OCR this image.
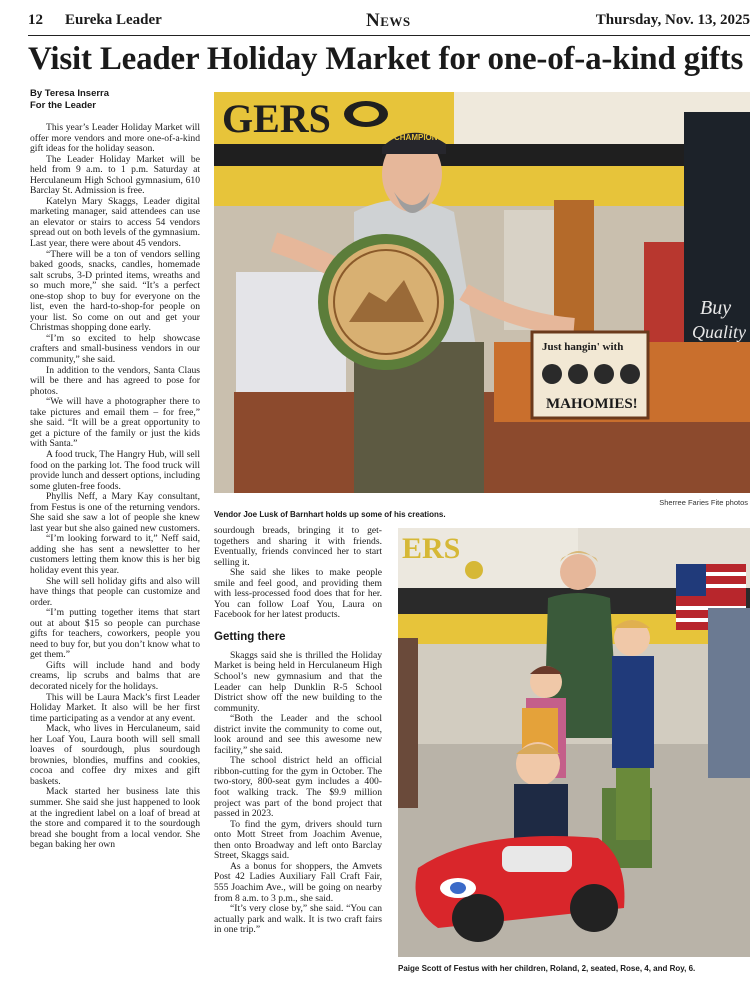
12 Eureka Leader	News	Thursday, Nov. 13, 2025
Visit Leader Holiday Market for one-of-a-kind gifts
By Teresa Inserra
For the Leader

This year’s Leader Holiday Market will offer more vendors and more one-of-a-kind gift ideas for the holiday season.

The Leader Holiday Market will be held from 9 a.m. to 1 p.m. Saturday at Herculaneum High School gymnasium, 610 Barclay St. Admission is free.

Katelyn Mary Skaggs, Leader digital marketing manager, said attendees can use an elevator or stairs to access 54 vendors spread out on both levels of the gymnasium. Last year, there were about 45 vendors.

“There will be a ton of vendors selling baked goods, snacks, candles, homemade salt scrubs, 3-D printed items, wreaths and so much more,” she said. “It’s a perfect one-stop shop to buy for everyone on the list, even the hard-to-shop-for people on your list. So come on out and get your Christmas shopping done early.

“I’m so excited to help showcase crafters and small-business vendors in our community,” she said.

In addition to the vendors, Santa Claus will be there and has agreed to pose for photos.

“We will have a photographer there to take pictures and email them – for free,” she said. “It will be a great opportunity to get a picture of the family or just the kids with Santa.”

A food truck, The Hangry Hub, will sell food on the parking lot. The food truck will provide lunch and dessert options, including some gluten-free foods.

Phyllis Neff, a Mary Kay consultant, from Festus is one of the returning vendors. She said she saw a lot of people she knew last year but she also gained new customers.

“I’m looking forward to it,” Neff said, adding she has sent a newsletter to her customers letting them know this is her big holiday event this year.

She will sell holiday gifts and also will have things that people can customize and order.

“I’m putting together items that start out at about $15 so people can purchase gifts for teachers, coworkers, people you need to buy for, but you don’t know what to get them.”

Gifts will include hand and body creams, lip scrubs and balms that are decorated nicely for the holidays.

This will be Laura Mack’s first Leader Holiday Market. It also will be her first time participating as a vendor at any event.

Mack, who lives in Herculaneum, said her Loaf You, Laura booth will sell small loaves of sourdough, plus sourdough brownies, blondies, muffins and cookies, cocoa and coffee dry mixes and gift baskets.

Mack started her business late this summer. She said she just happened to look at the ingredient label on a loaf of bread at the store and compared it to the sourdough bread she bought from a local vendor. She began baking her own

GERS
Buy
Quality
CHAMPIONS
Just hangin' with
MAHOMIES!
Sherree Faries Fite photos
Vendor Joe Lusk of Barnhart holds up some of his creations.

sourdough breads, bringing it to get-togethers and sharing it with friends. Eventually, friends convinced her to start selling it.

She said she likes to make people smile and feel good, and providing them with less-processed food does that for her. You can follow Loaf You, Laura on Facebook for her latest products.

Getting there

Skaggs said she is thrilled the Holiday Market is being held in Herculaneum High School’s new gymnasium and that the Leader can help Dunklin R-5 School District show off the new building to the community.

“Both the Leader and the school district invite the community to come out, look around and see this awesome new facility,” she said.

The school district held an official ribbon-cutting for the gym in October. The two-story, 800-seat gym includes a 400-foot walking track. The $9.9 million project was part of the bond project that passed in 2023.

To find the gym, drivers should turn onto Mott Street from Joachim Avenue, then onto Broadway and left onto Barclay Street, Skaggs said.

As a bonus for shoppers, the Amvets Post 42 Ladies Auxiliary Fall Craft Fair, 555 Joachim Ave., will be going on nearby from 8 a.m. to 3 p.m., she said.

“It’s very close by,” she said. “You can actually park and walk. It is two craft fairs in one trip.”

ERS
Paige Scott of Festus with her children, Roland, 2, seated, Rose, 4, and Roy, 6.
